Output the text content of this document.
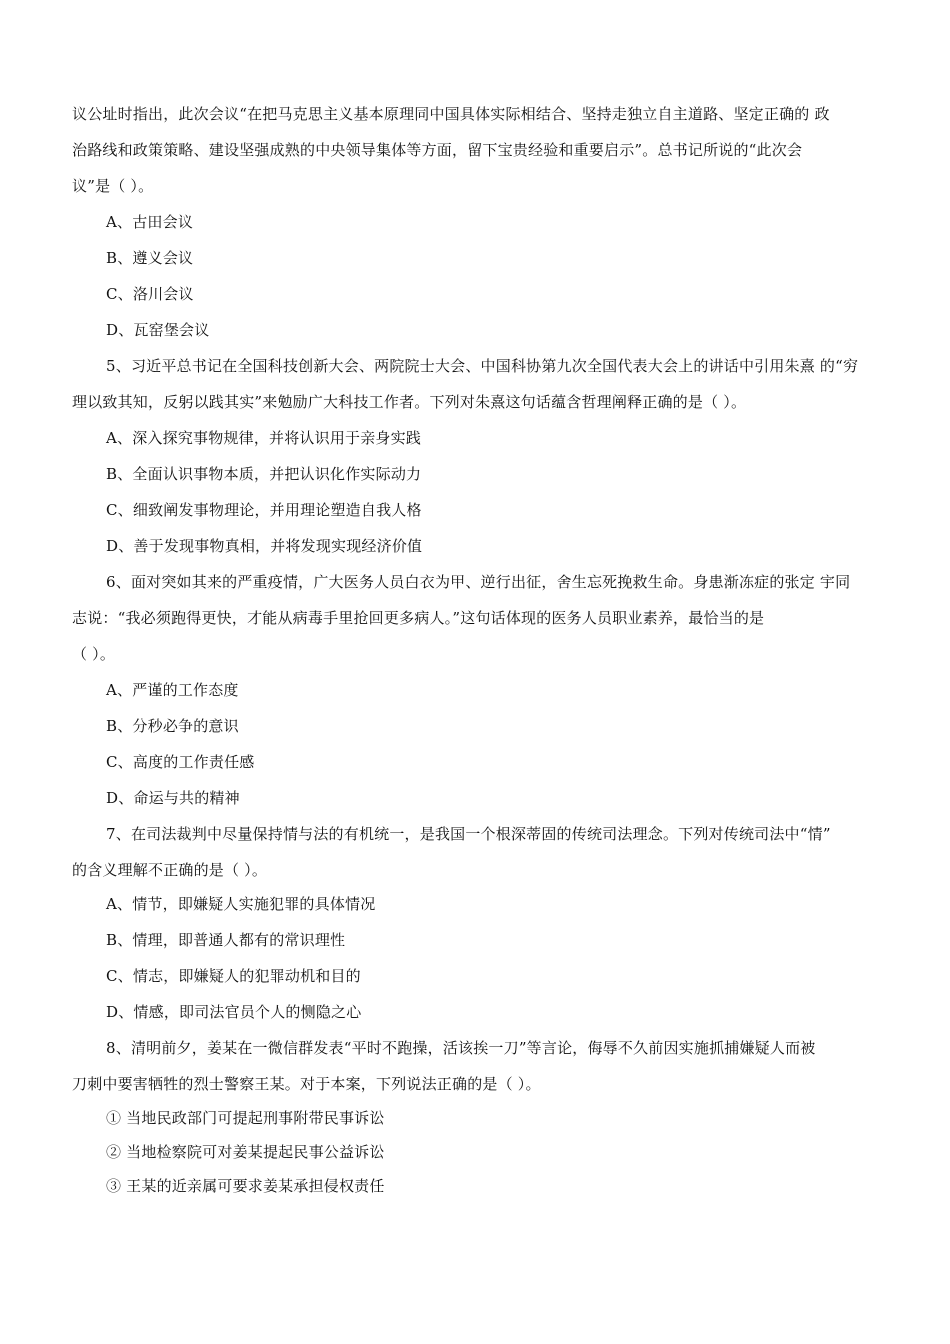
议公址时指出，此次会议“在把马克思主义基本原理同中国具体实际相结合、坚持走独立自主道路、坚定正确的 政
治路线和政策策略、建设坚强成熟的中央领导集体等方面，留下宝贵经验和重要启示”。总书记所说的“此次会
议”是（ ）。
A、古田会议
B、遵义会议
C、洛川会议
D、瓦窑堡会议
5、习近平总书记在全国科技创新大会、两院院士大会、中国科协第九次全国代表大会上的讲话中引用朱熹 的“穷
理以致其知，反躬以践其实”来勉励广大科技工作者。下列对朱熹这句话蕴含哲理阐释正确的是（ ）。
A、深入探究事物规律，并将认识用于亲身实践
B、全面认识事物本质，并把认识化作实际动力
C、细致阐发事物理论，并用理论塑造自我人格
D、善于发现事物真相，并将发现实现经济价值
6、面对突如其来的严重疫情，广大医务人员白衣为甲、逆行出征，舍生忘死挽救生命。身患渐冻症的张定 宇同
志说：“我必须跑得更快，才能从病毒手里抢回更多病人。”这句话体现的医务人员职业素养，最恰当的是
（ ）。
A、严谨的工作态度
B、分秒必争的意识
C、高度的工作责任感
D、命运与共的精神
7、在司法裁判中尽量保持情与法的有机统一，是我国一个根深蒂固的传统司法理念。下列对传统司法中“情”
的含义理解不正确的是（ ）。
A、情节，即嫌疑人实施犯罪的具体情况
B、情理，即普通人都有的常识理性
C、情志，即嫌疑人的犯罪动机和目的
D、情感，即司法官员个人的恻隐之心
8、清明前夕，姜某在一微信群发表“平时不跑操，活该挨一刀”等言论，侮辱不久前因实施抓捕嫌疑人而被
刀刺中要害牺牲的烈士警察王某。对于本案，下列说法正确的是（ ）。
① 当地民政部门可提起刑事附带民事诉讼
② 当地检察院可对姜某提起民事公益诉讼
③ 王某的近亲属可要求姜某承担侵权责任
